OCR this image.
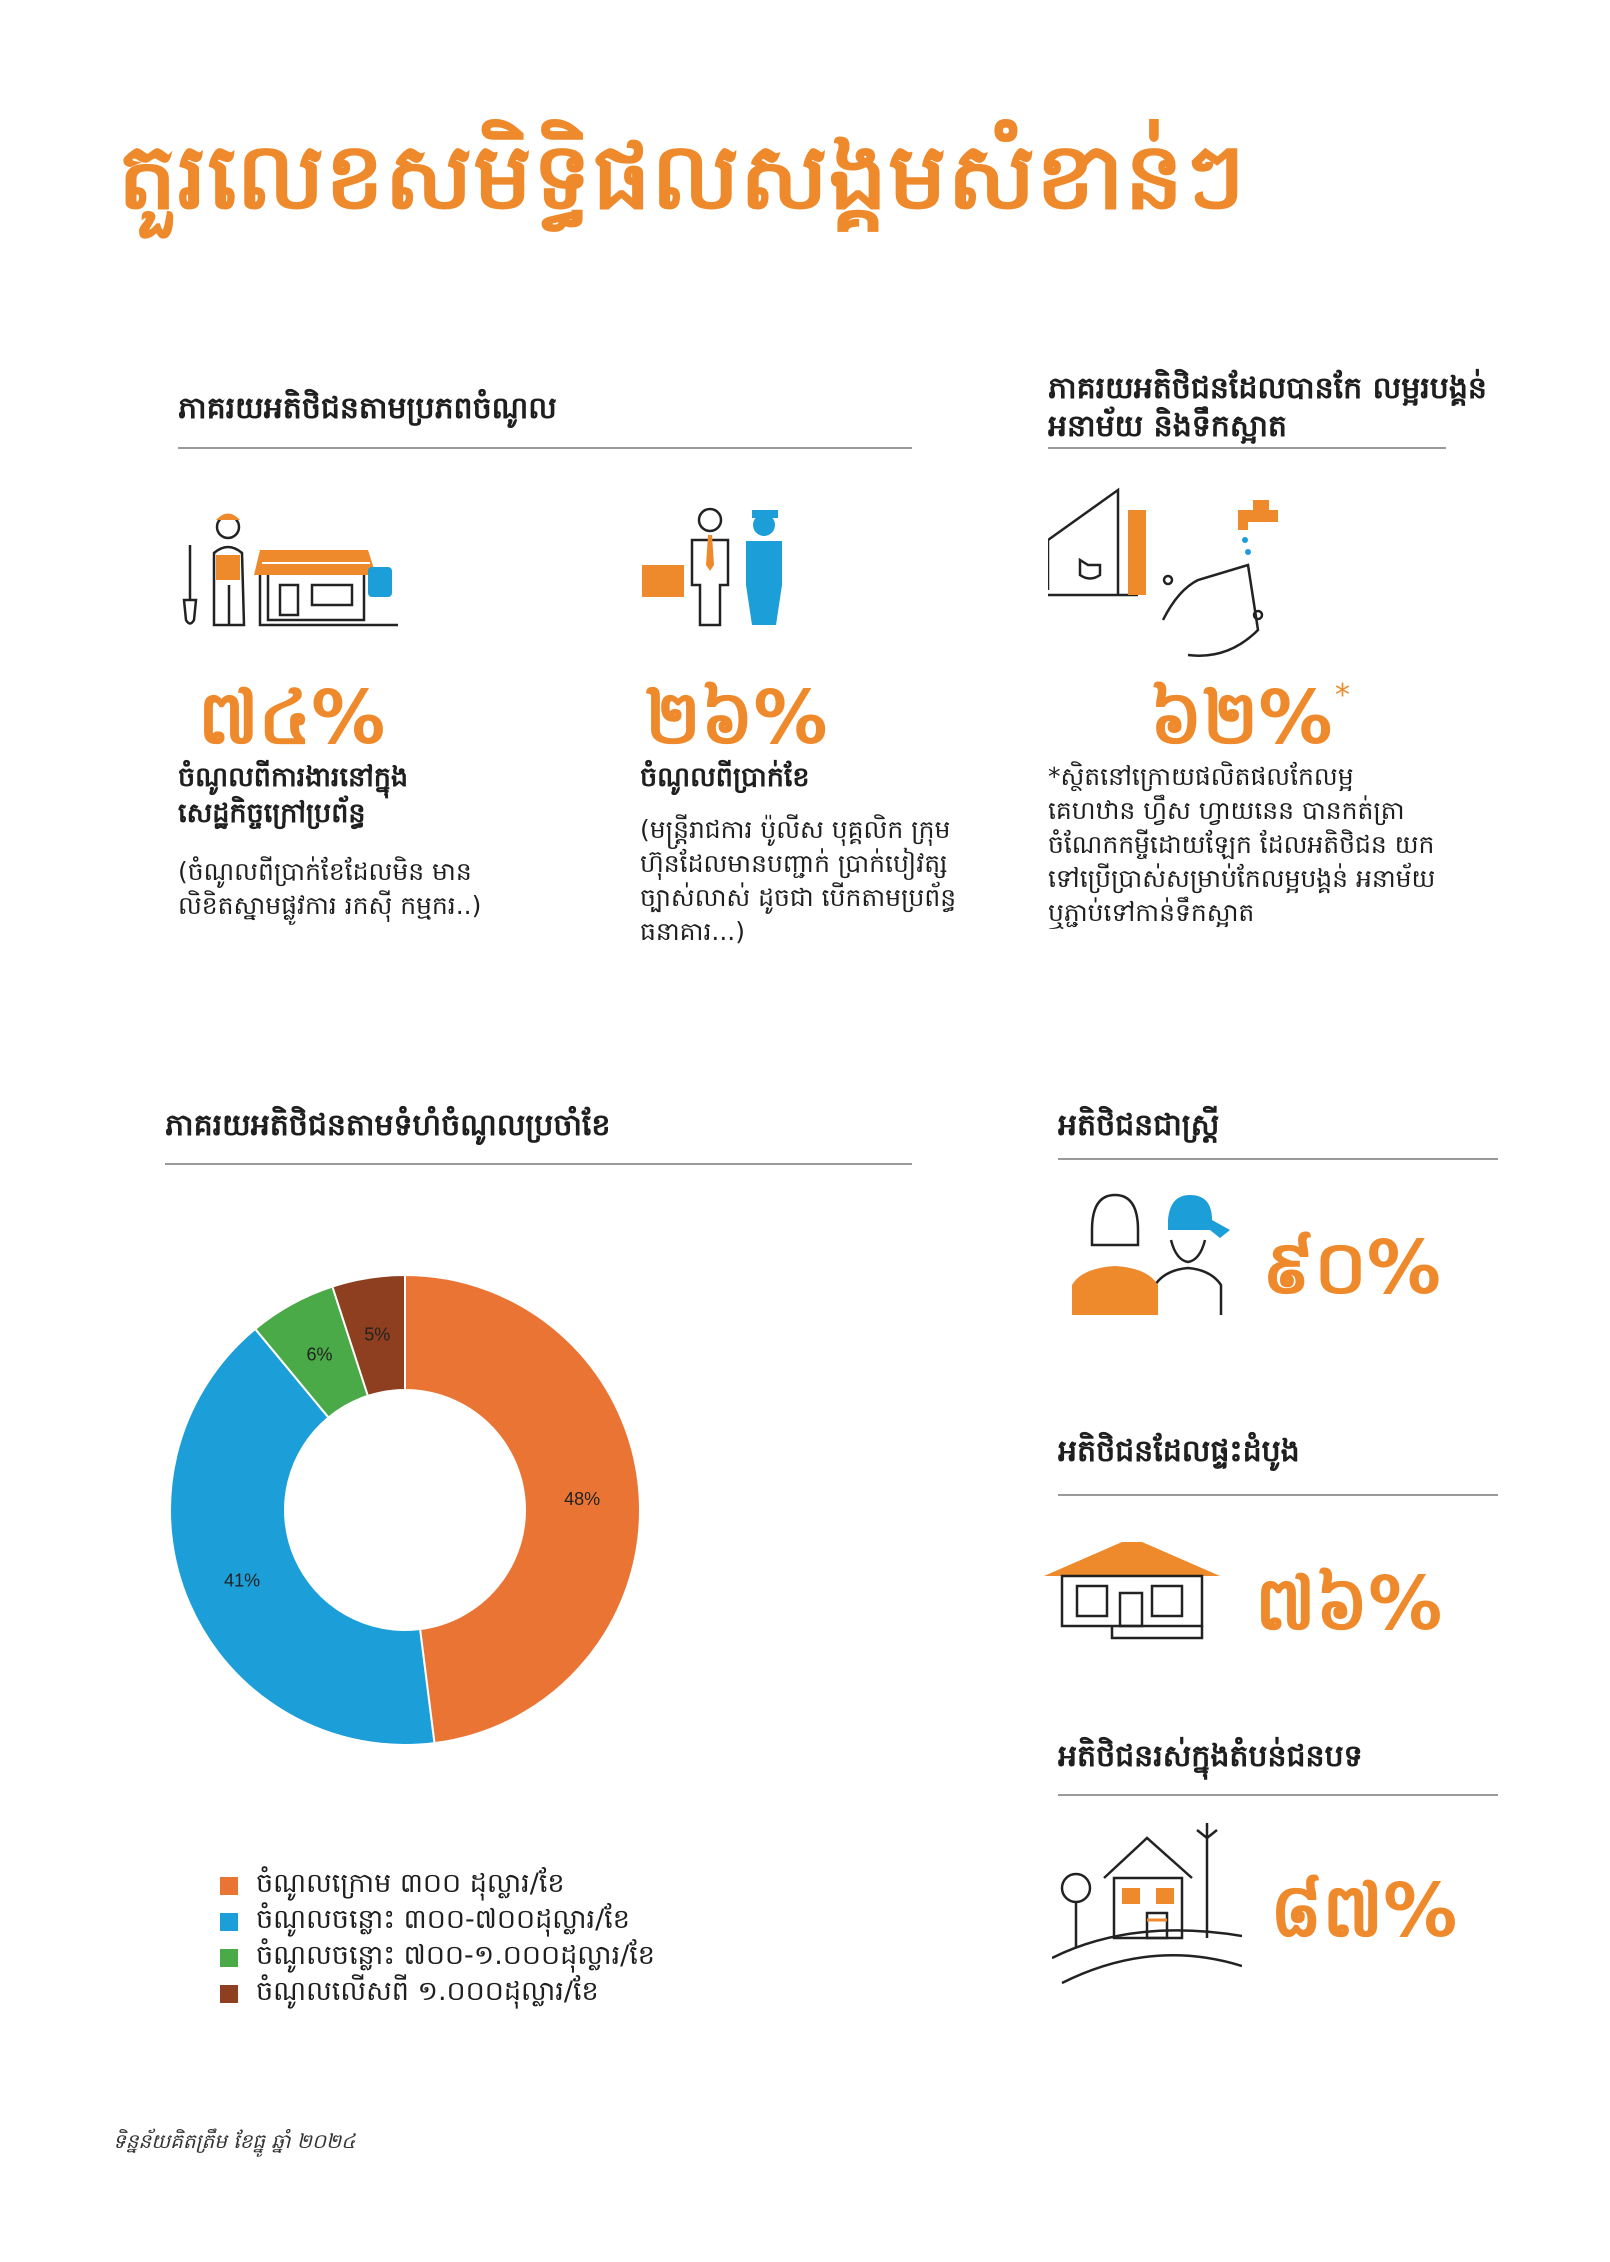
តួរលេខសមិទ្ធិផលសង្គមសំខាន់ៗ
ភាគរយអតិថិជនតាមប្រភពចំណូល
៧៤%
ចំណូលពីការងារនៅក្នុង សេដ្ឋកិច្ចក្រៅប្រព័ន្ធ
(ចំណូលពីប្រាក់ខែដែលមិន មានលិខិតស្នាមផ្លូវការ រកស៊ី កម្មករ..)
២៦%
ចំណូលពីប្រាក់ខែ
(មន្ត្រីរាជការ ប៉ូលីស បុគ្គលិក ក្រុមហ៊ុនដែលមានបញ្ជាក់ ប្រាក់បៀវត្សច្បាស់លាស់ ដូចជា បើកតាមប្រព័ន្ធធនាគារ...)
ភាគរយអតិថិជនដែលបានកែ លម្អរបង្គន់អនាម័យ និងទឹកស្អាត
៦២% *
*ស្ថិតនៅក្រោយផលិតផលកែលម្អ គេហឋាន ហ្វឹស ហ្វាយនេន បានកត់ត្រា ចំណែកកម្ចីដោយឡែក ដែលអតិថិជន យកទៅប្រើប្រាស់សម្រាប់កែលម្អបង្គន់ អនាម័យ ឬភ្ជាប់ទៅកាន់ទឹកស្អាត
ភាគរយអតិថិជនតាមទំហំចំណូលប្រចាំខែ
48%
41%
6%
5%
ចំណូលក្រោម ៣០០ ដុល្លារ/ខែ
ចំណូលចន្លោះ ៣០០-៧០០ដុល្លារ/ខែ
ចំណូលចន្លោះ ៧០០-១.០០០ដុល្លារ/ខែ
ចំណូលលើសពី ១.០០០ដុល្លារ/ខែ
អតិថិជនជាស្ត្រី
៩០%
អតិថិជនដែលផ្ទះដំបូង
៧៦%
អតិថិជនរស់ក្នុងតំបន់ជនបទ
៨៧%
ទិន្នន័យគិតត្រឹម ខែធ្នូ ឆ្នាំ ២០២៤
